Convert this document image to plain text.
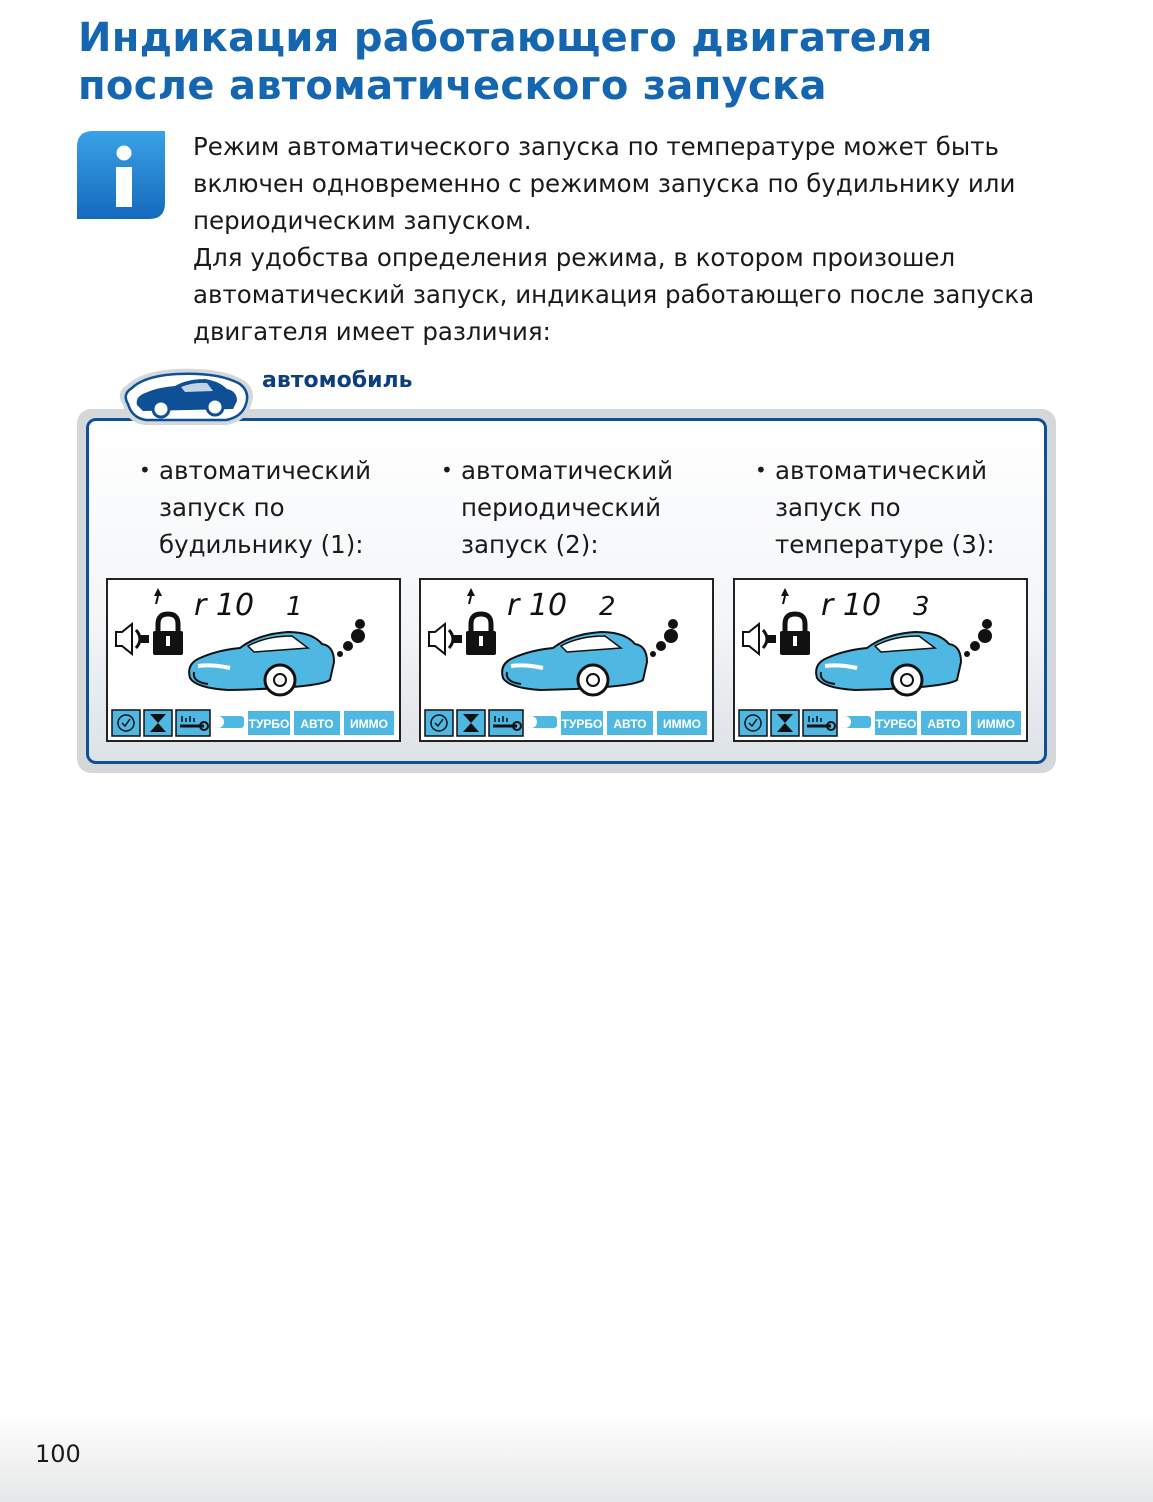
Индикация работающего двигателя
после автоматического запуска

Режим автоматического запуска по температуре может быть включен одновременно с режимом запуска по будильнику или периодическим запуском.

Для удобства определения режима, в котором произошел автоматический запуск, индикация работающего после запуска двигателя имеет различия:

автомобиль
• автоматический
запуск по
будильнику (1):
• автоматический
периодический
запуск (2):
• автоматический
запуск по
температуре (3):
r 10 1
ТУРБО АВТО ИММО
r 10 2
ТУРБО АВТО ИММО
r 10 3
ТУРБО АВТО ИММО
100
